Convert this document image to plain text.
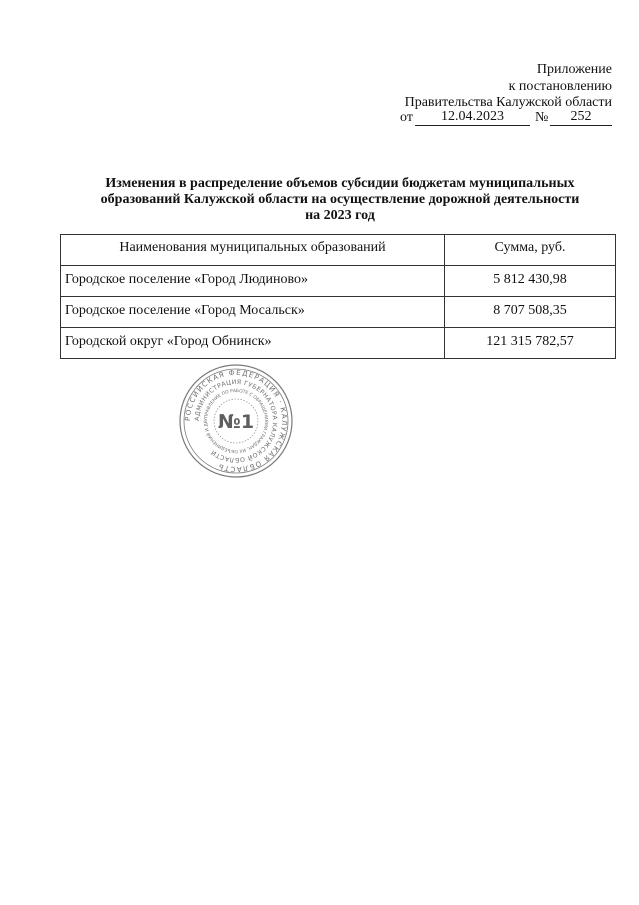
Приложение
к постановлению
Правительства Калужской области
от	12.04.2023	№	252
Изменения в распределение объемов субсидии бюджетам муниципальных
образований Калужской области на осуществление дорожной деятельности
на 2023 год
Наименования муниципальных образований	Сумма, руб.
Городское поселение «Город Людиново»	5 812 430,98
Городское поселение «Город Мосальск»	8 707 508,35
Городской округ «Город Обнинск»	121 315 782,57
РОССИЙСКАЯ ФЕДЕРАЦИЯ · КАЛУЖСКАЯ ОБЛАСТЬ
АДМИНИСТРАЦИЯ ГУБЕРНАТОРА КАЛУЖСКОЙ ОБЛАСТИ
УПРАВЛЕНИЕ ПО РАБОТЕ С ОБРАЩЕНИЯМИ ГРАЖДАН, ИХ ОБЪЕДИНЕНИЙ И ДЕ №1
